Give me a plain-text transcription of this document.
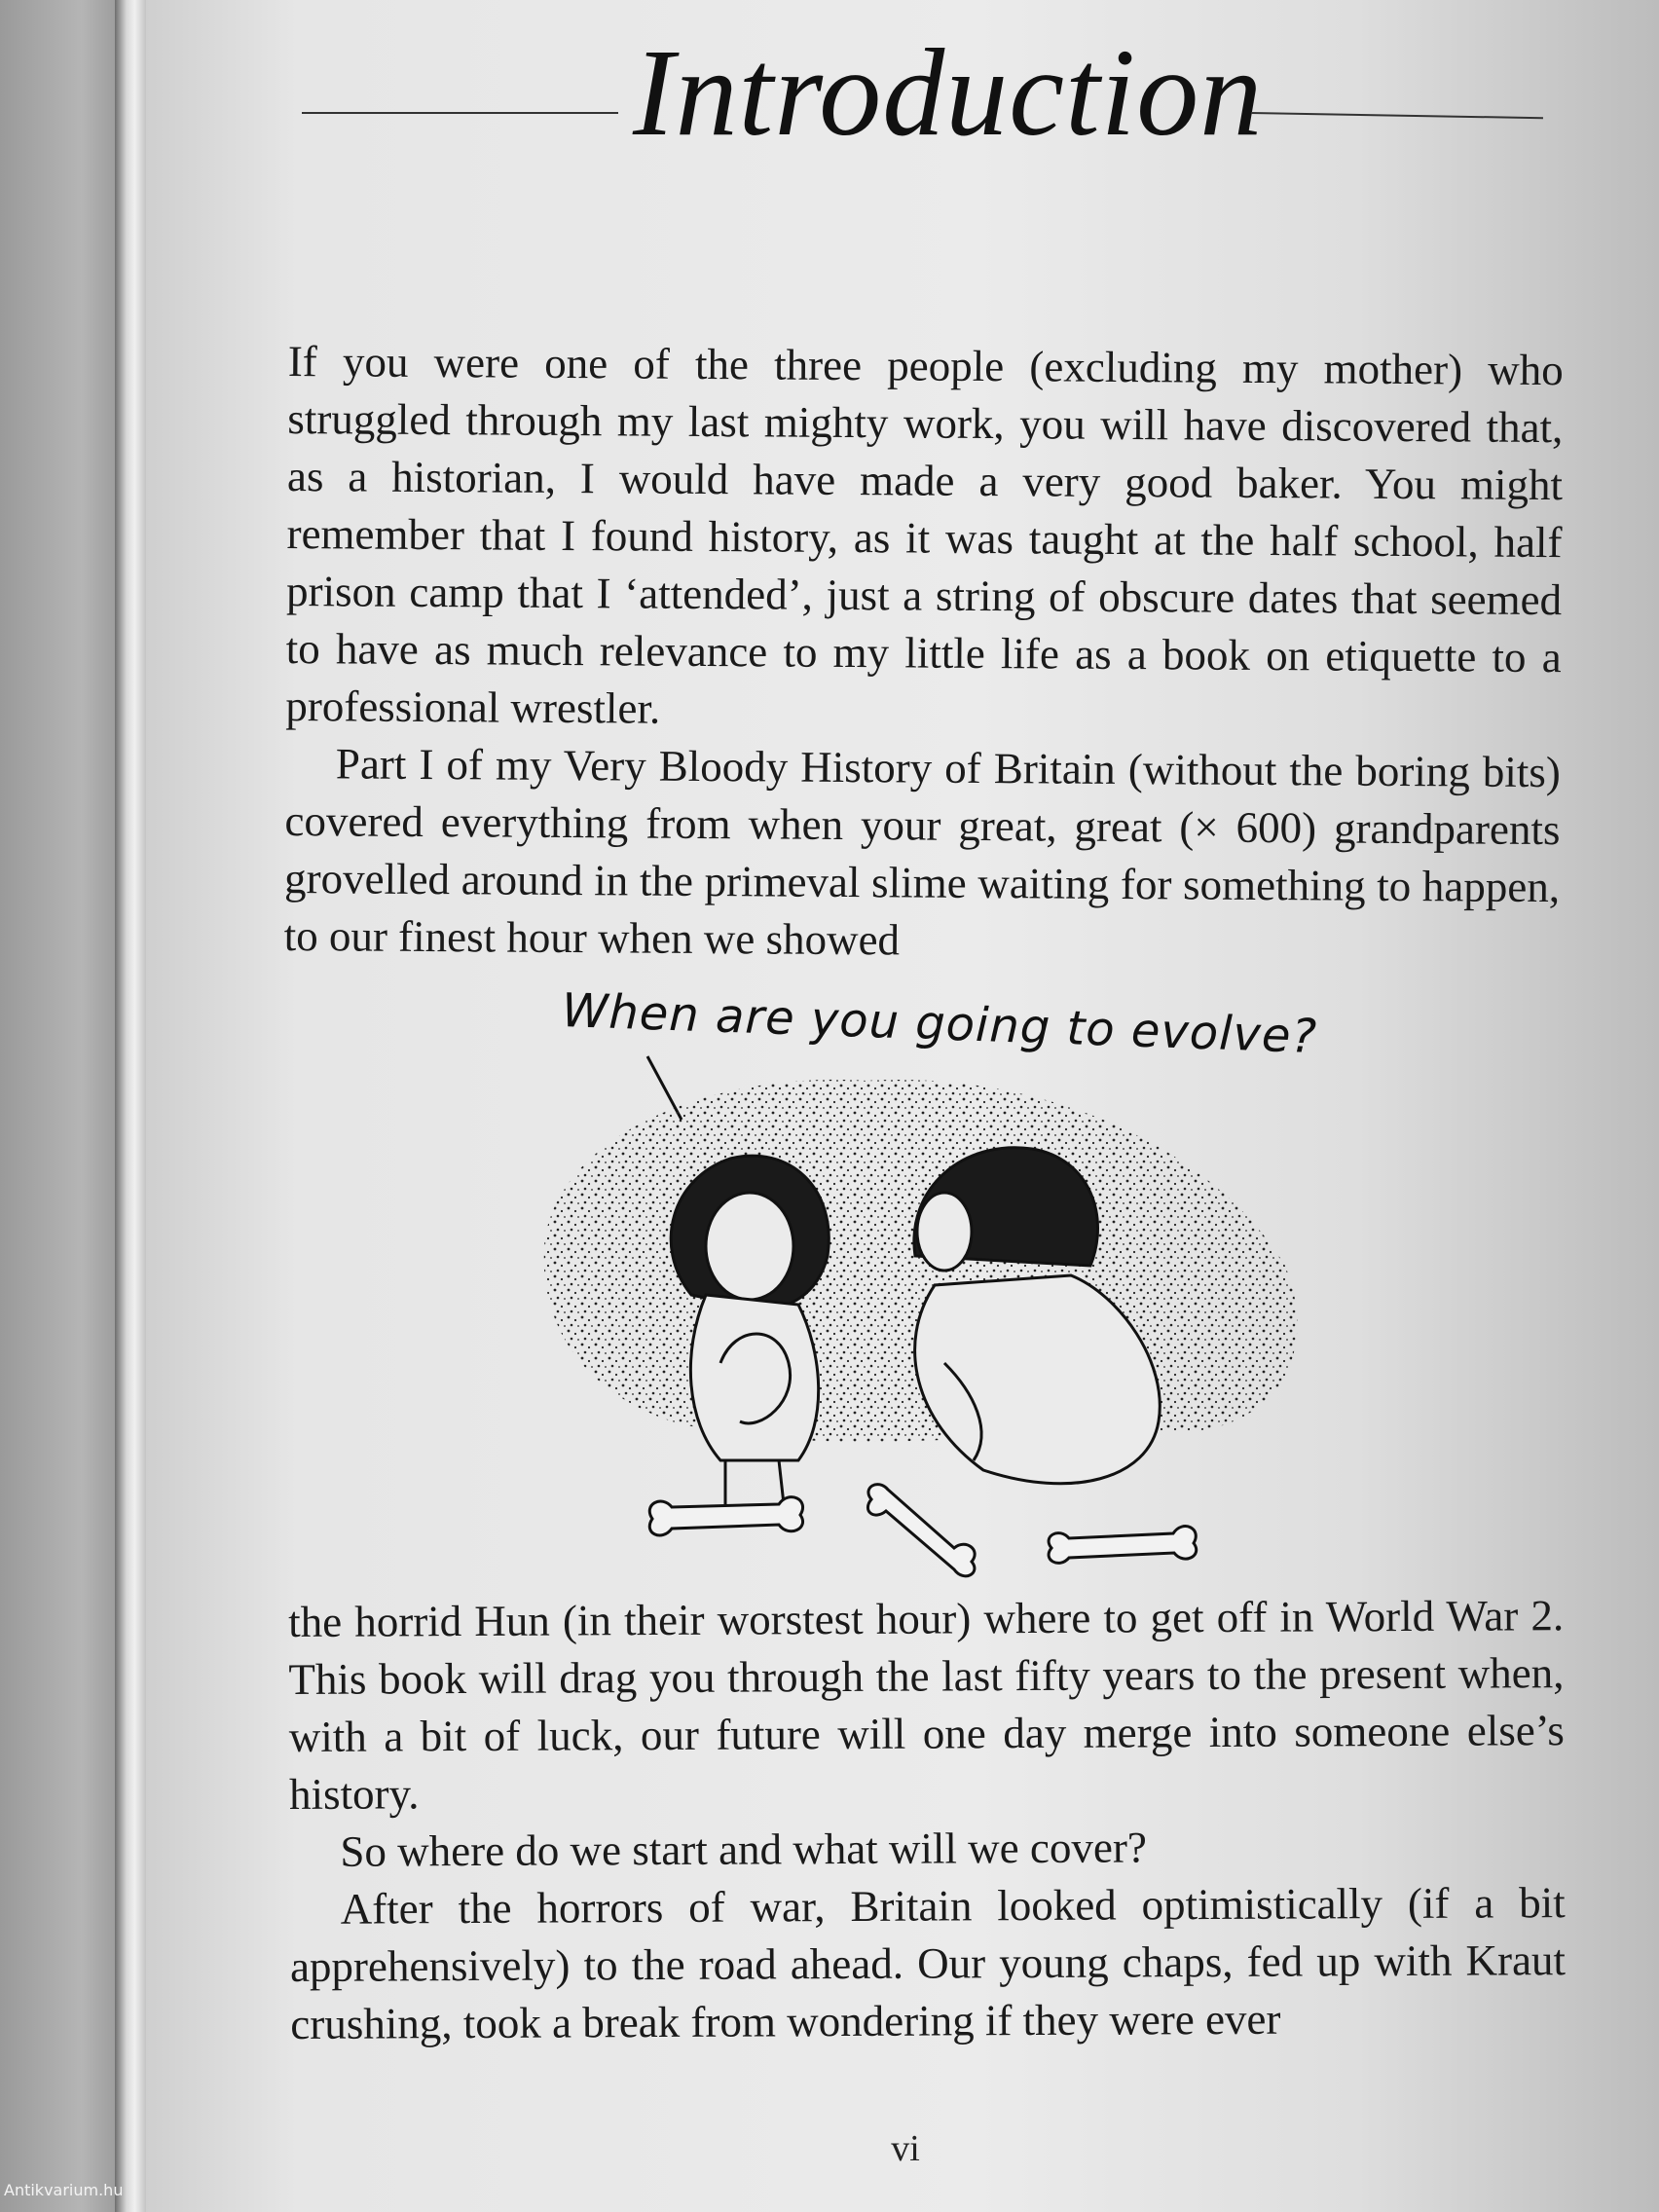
Introduction

If you were one of the three people (excluding my mother) who struggled through my last mighty work, you will have discovered that, as a historian, I would have made a very good baker. You might remember that I found history, as it was taught at the half school, half prison camp that I ‘attended’, just a string of obscure dates that seemed to have as much relevance to my little life as a book on etiquette to a professional wrestler.

Part I of my Very Bloody History of Britain (without the boring bits) covered everything from when your great, great (× 600) grandparents grovelled around in the primeval slime waiting for something to happen, to our finest hour when we showed

When are you going to evolve?

the horrid Hun (in their worstest hour) where to get off in World War 2. This book will drag you through the last fifty years to the present when, with a bit of luck, our future will one day merge into someone else’s history.

So where do we start and what will we cover?

After the horrors of war, Britain looked optimistically (if a bit apprehensively) to the road ahead. Our young chaps, fed up with Kraut crushing, took a break from wondering if they were ever

vi
Antikvarium.hu
